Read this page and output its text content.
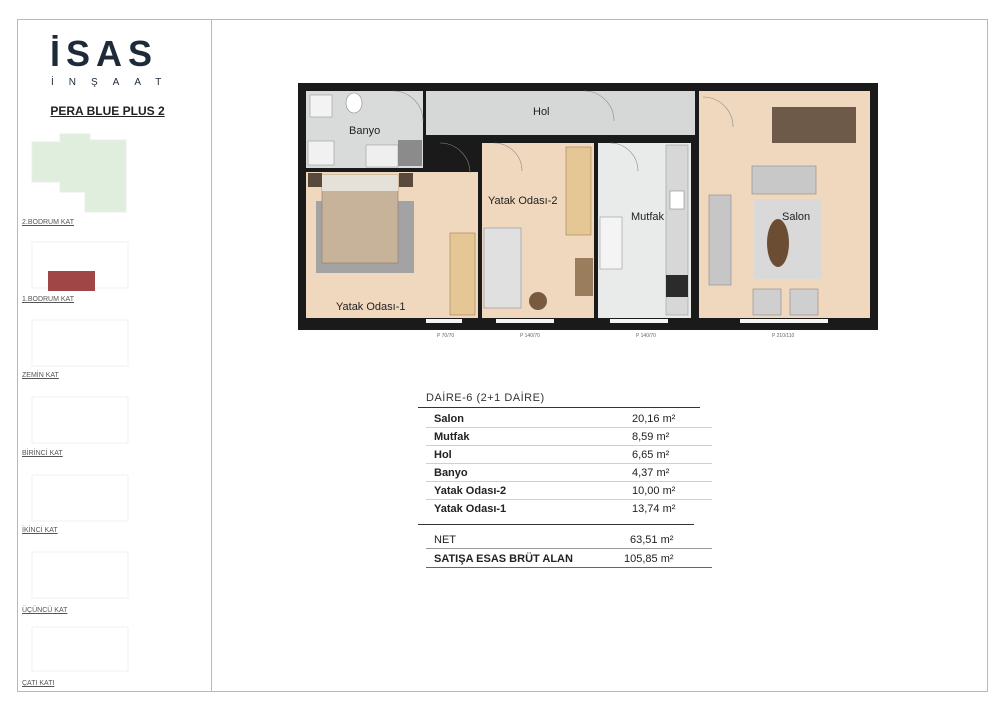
İSAS
İNŞAAT
PERA BLUE PLUS 2
2.BODRUM KAT
1.BODRUM KAT
ZEMİN KAT
BİRİNCİ KAT
İKİNCİ KAT
ÜÇÜNCÜ KAT
ÇATI KATI
Hol
Banyo
Yatak Odası-2
Mutfak	Salon
Yatak Odası-1
P 70/70	P 140/70	P 140/70	P 210/110
DAİRE-6 (2+1 DAİRE)
Salon	20,16 m²
Mutfak	8,59 m²
Hol	6,65 m²
Banyo	4,37 m²
Yatak Odası-2	10,00 m²
Yatak Odası-1	13,74 m²
NET	63,51 m²
SATIŞA ESAS BRÜT ALAN	105,85 m²
